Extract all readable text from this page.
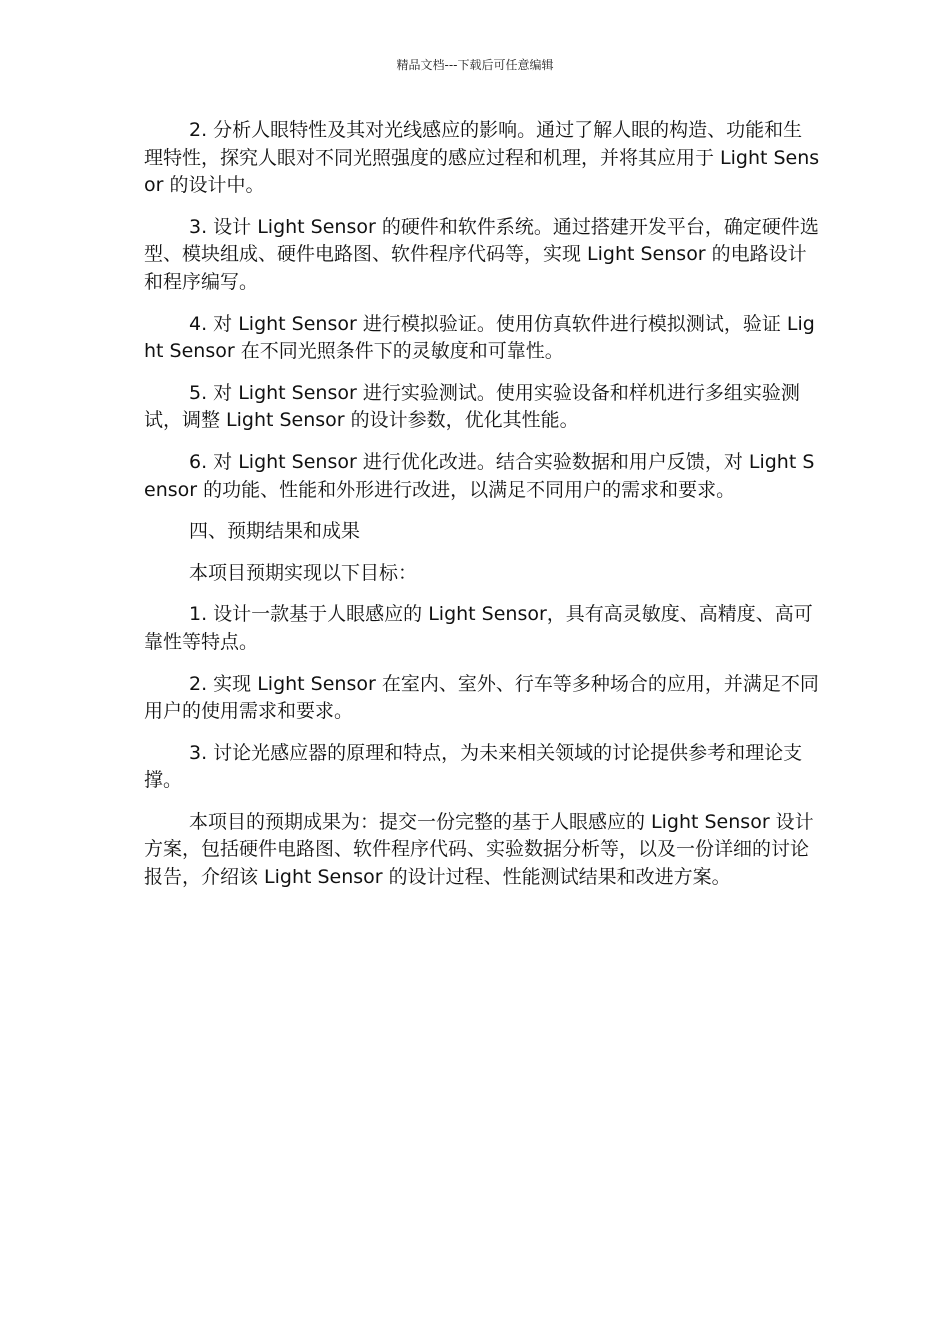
精品文档---下载后可任意编辑

2. 分析人眼特性及其对光线感应的影响。通过了解人眼的构造、功能和生理特性，探究人眼对不同光照强度的感应过程和机理，并将其应用于 Light Sensor 的设计中。

3. 设计 Light Sensor 的硬件和软件系统。通过搭建开发平台，确定硬件选型、模块组成、硬件电路图、软件程序代码等，实现 Light Sensor 的电路设计和程序编写。

4. 对 Light Sensor 进行模拟验证。使用仿真软件进行模拟测试，验证 Light Sensor 在不同光照条件下的灵敏度和可靠性。

5. 对 Light Sensor 进行实验测试。使用实验设备和样机进行多组实验测试，调整 Light Sensor 的设计参数，优化其性能。

6. 对 Light Sensor 进行优化改进。结合实验数据和用户反馈，对 Light Sensor 的功能、性能和外形进行改进，以满足不同用户的需求和要求。

四、预期结果和成果

本项目预期实现以下目标：

1. 设计一款基于人眼感应的 Light Sensor，具有高灵敏度、高精度、高可靠性等特点。

2. 实现 Light Sensor 在室内、室外、行车等多种场合的应用，并满足不同用户的使用需求和要求。

3. 讨论光感应器的原理和特点，为未来相关领域的讨论提供参考和理论支撑。

本项目的预期成果为：提交一份完整的基于人眼感应的 Light Sensor 设计方案，包括硬件电路图、软件程序代码、实验数据分析等，以及一份详细的讨论报告，介绍该 Light Sensor 的设计过程、性能测试结果和改进方案。
